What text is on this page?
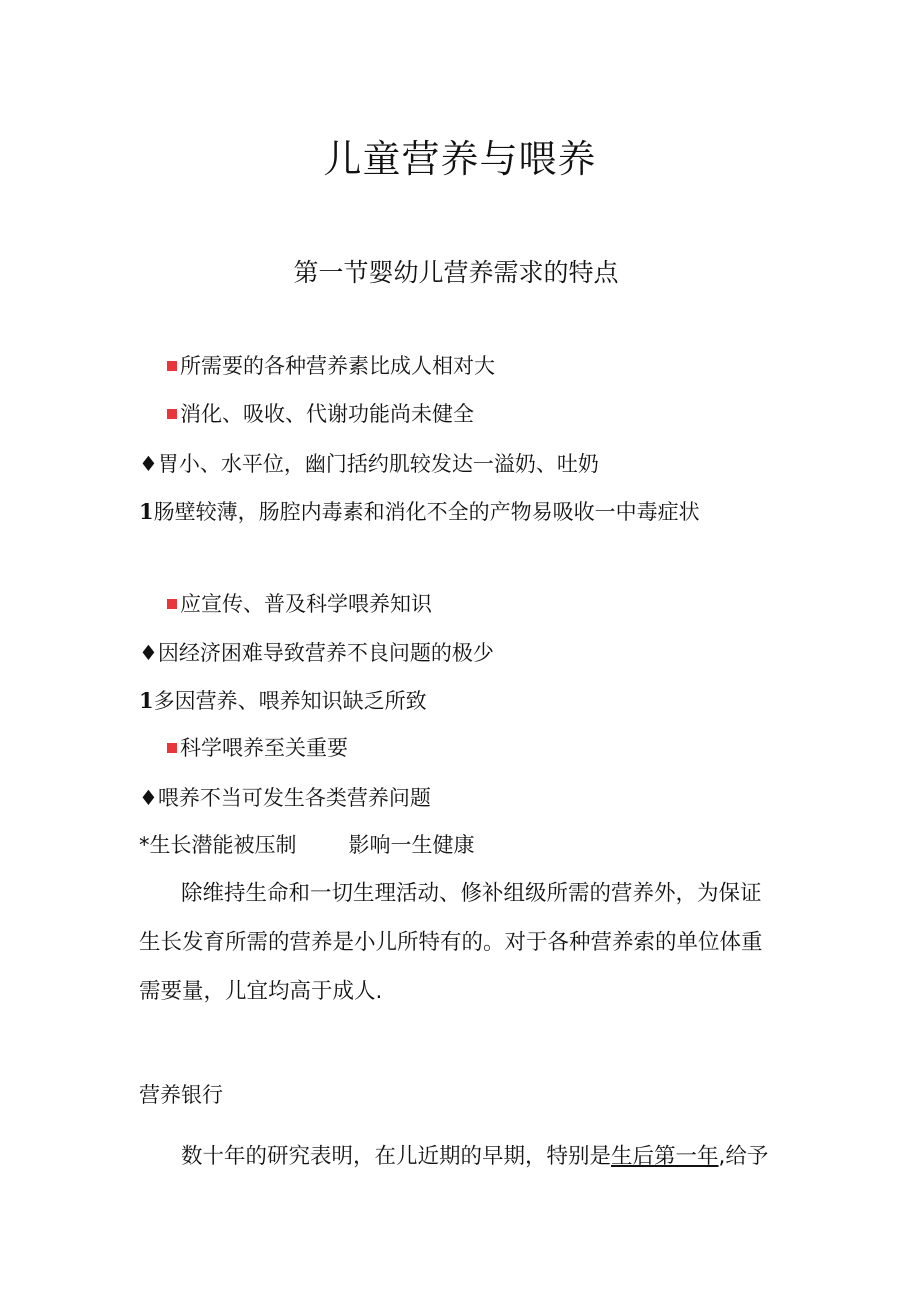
儿童营养与喂养
第一节婴幼儿营养需求的特点
所需要的各种营养素比成人相对大
消化、吸收、代谢功能尚未健全
♦胃小、水平位，幽门括约肌较发达一溢奶、吐奶
1肠壁较薄，肠腔内毒素和消化不全的产物易吸收一中毒症状
应宣传、普及科学喂养知识
♦因经济困难导致营养不良问题的极少
1多因营养、喂养知识缺乏所致
科学喂养至关重要
♦喂养不当可发生各类营养问题
*生长潜能被压制 影响一生健康

除维持生命和一切生理活动、修补组级所需的营养外，为保证生长发育所需的营养是小儿所特有的。对于各种营养索的单位体重需要量，儿宜均高于成人.

营养银行

数十年的研究表明，在儿近期的早期，特别是生后第一年,给予
